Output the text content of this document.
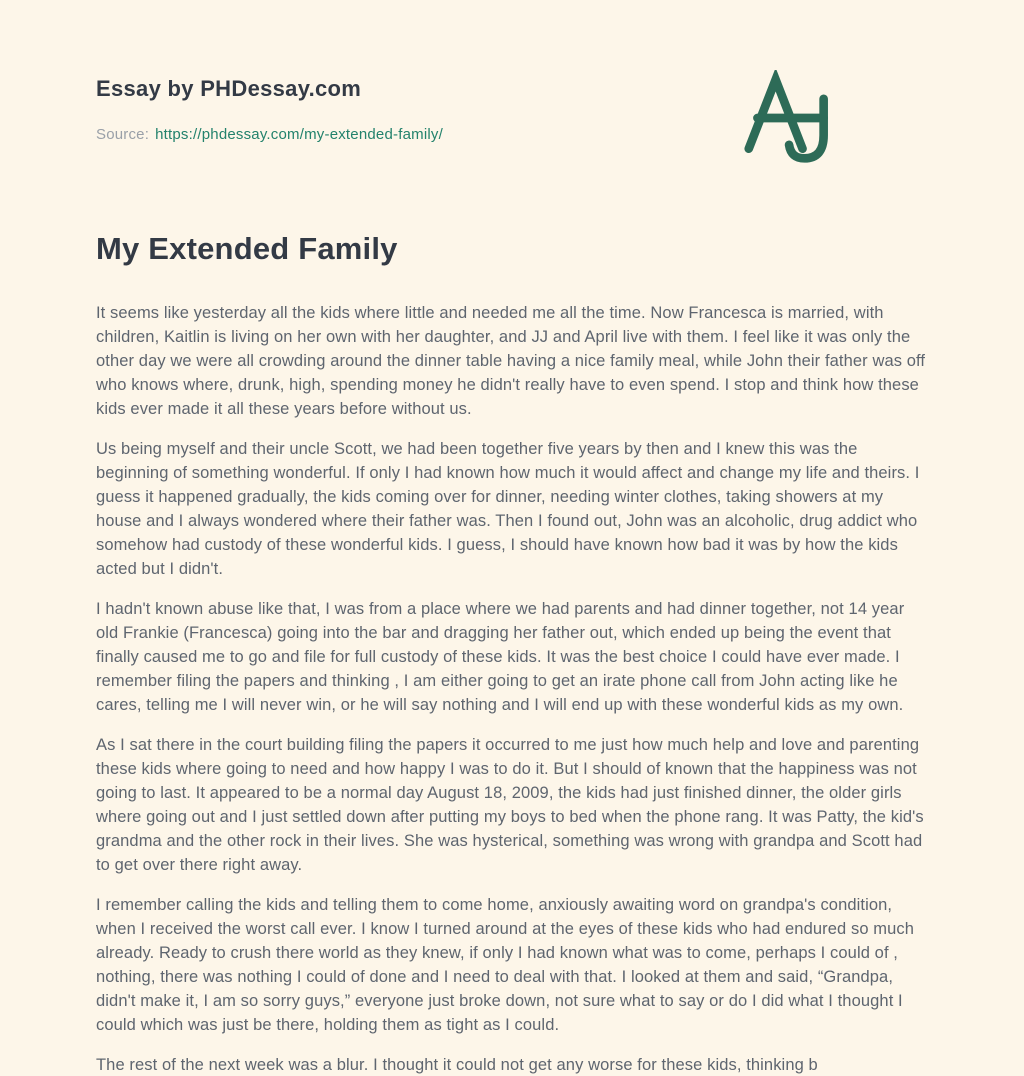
Essay by PHDessay.com
Source: https://phdessay.com/my-extended-family/
My Extended Family

It seems like yesterday all the kids where little and needed me all the time. Now Francesca is married, with children, Kaitlin is living on her own with her daughter, and JJ and April live with them. I feel like it was only the other day we were all crowding around the dinner table having a nice family meal, while John their father was off who knows where, drunk, high, spending money he didn't really have to even spend. I stop and think how these kids ever made it all these years before without us.

Us being myself and their uncle Scott, we had been together five years by then and I knew this was the beginning of something wonderful. If only I had known how much it would affect and change my life and theirs. I guess it happened gradually, the kids coming over for dinner, needing winter clothes, taking showers at my house and I always wondered where their father was. Then I found out, John was an alcoholic, drug addict who somehow had custody of these wonderful kids. I guess, I should have known how bad it was by how the kids acted but I didn't.

I hadn't known abuse like that, I was from a place where we had parents and had dinner together, not 14 year old Frankie (Francesca) going into the bar and dragging her father out, which ended up being the event that finally caused me to go and file for full custody of these kids. It was the best choice I could have ever made. I remember filing the papers and thinking , I am either going to get an irate phone call from John acting like he cares, telling me I will never win, or he will say nothing and I will end up with these wonderful kids as my own.

As I sat there in the court building filing the papers it occurred to me just how much help and love and parenting these kids where going to need and how happy I was to do it. But I should of known that the happiness was not going to last. It appeared to be a normal day August 18, 2009, the kids had just finished dinner, the older girls where going out and I just settled down after putting my boys to bed when the phone rang. It was Patty, the kid's grandma and the other rock in their lives. She was hysterical, something was wrong with grandpa and Scott had to get over there right away.

I remember calling the kids and telling them to come home, anxiously awaiting word on grandpa's condition, when I received the worst call ever. I know I turned around at the eyes of these kids who had endured so much already. Ready to crush there world as they knew, if only I had known what was to come, perhaps I could of , nothing, there was nothing I could of done and I need to deal with that. I looked at them and said, “Grandpa, didn't make it, I am so sorry guys,” everyone just broke down, not sure what to say or do I did what I thought I could which was just be there, holding them as tight as I could.

The rest of the next week was a blur. I thought it could not get any worse for these kids, thinking b
